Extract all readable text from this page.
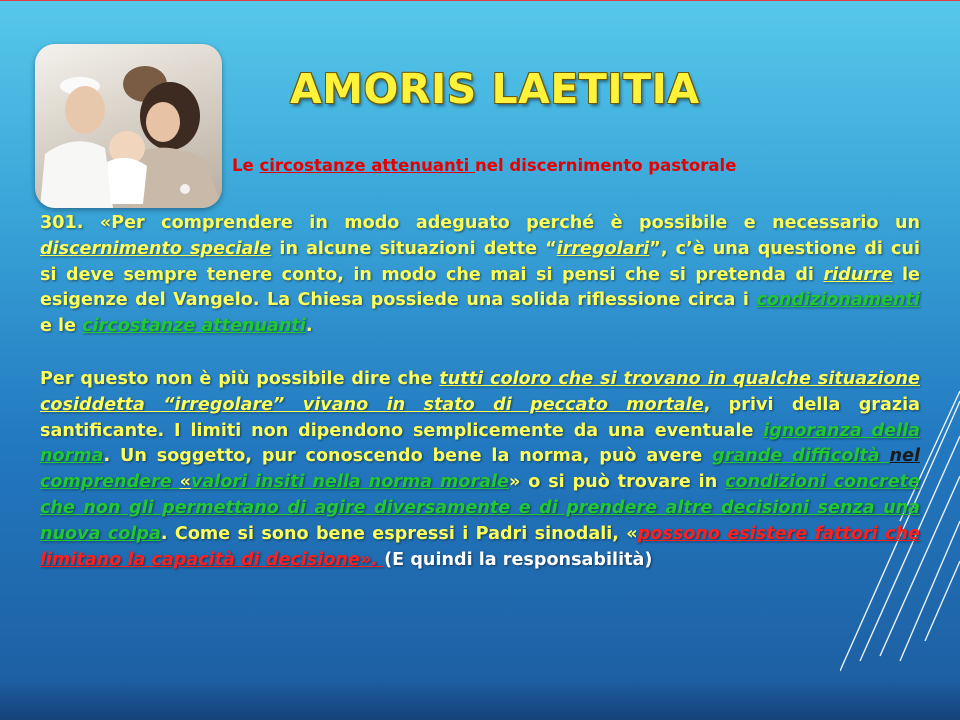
AMORIS LAETITIA

Le circostanze attenuanti nel discernimento pastorale

301. «Per comprendere in modo adeguato perché è possibile e necessario un discernimento speciale in alcune situazioni dette “irregolari”, c’è una questione di cui si deve sempre tenere conto, in modo che mai si pensi che si pretenda di ridurre le esigenze del Vangelo. La Chiesa possiede una solida riflessione circa i condizionamenti e le circostanze attenuanti.

Per questo non è più possibile dire che tutti coloro che si trovano in qualche situazione cosiddetta “irregolare” vivano in stato di peccato mortale, privi della grazia santificante. I limiti non dipendono semplicemente da una eventuale ignoranza della norma. Un soggetto, pur conoscendo bene la norma, può avere grande difficoltà nel comprendere «valori insiti nella norma morale» o si può trovare in condizioni concrete che non gli permettano di agire diversamente e di prendere altre decisioni senza una nuova colpa. Come si sono bene espressi i Padri sinodali, «possono esistere fattori che limitano la capacità di decisione». (E quindi la responsabilità)
